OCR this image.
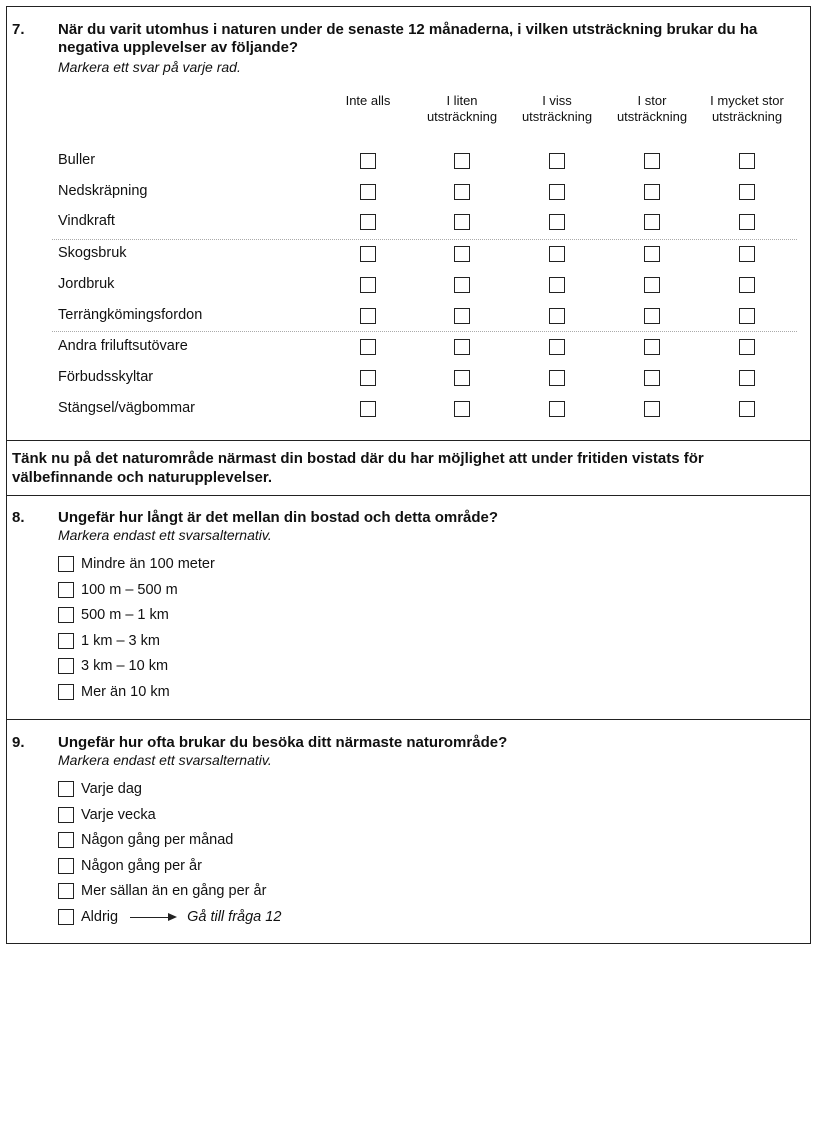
7. När du varit utomhus i naturen under de senaste 12 månaderna, i vilken utsträckning brukar du ha negativa upplevelser av följande?
Markera ett svar på varje rad.
Inte alls	I liten utsträckning
I viss utsträckning
I stor utsträckning
I mycket stor utsträckning
Buller
Nedskräpning
Vindkraft
Skogsbruk
Jordbruk
Terrängkömingsfordon
Andra friluftsutövare
Förbudsskyltar
Stängsel/vägbommar
Tänk nu på det naturområde närmast din bostad där du har möjlighet att under fritiden vistats för välbefinnande och naturupplevelser.
8. Ungefär hur långt är det mellan din bostad och detta område?
Markera endast ett svarsalternativ.
Mindre än 100 meter
100 m – 500 m
500 m – 1 km
1 km – 3 km
3 km – 10 km
Mer än 10 km
9. Ungefär hur ofta brukar du besöka ditt närmaste naturområde?
Markera endast ett svarsalternativ.
Varje dag
Varje vecka
Någon gång per månad
Någon gång per år
Mer sällan än en gång per år
Aldrig	Gå till fråga 12
